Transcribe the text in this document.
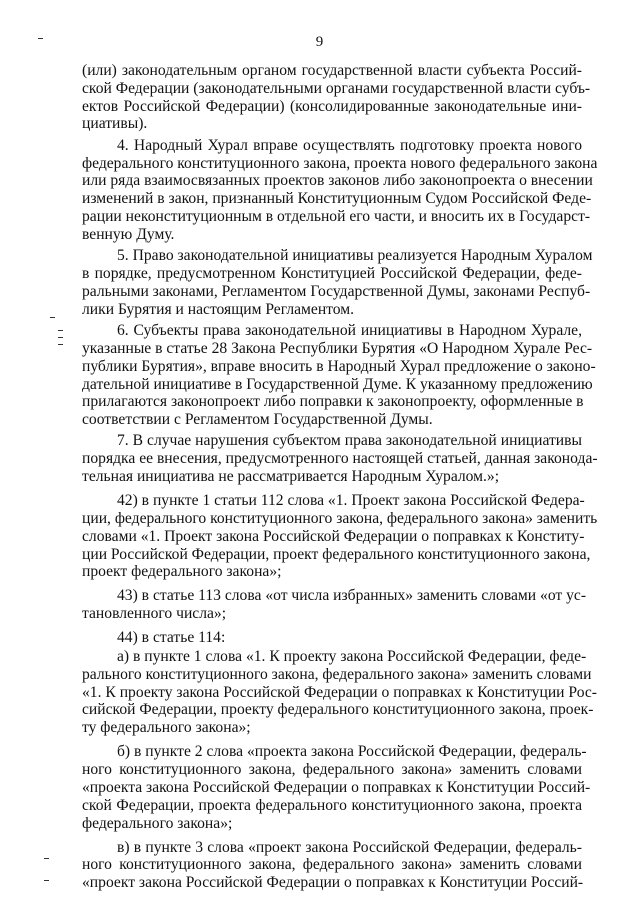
9
(или) законодательным органом государственной власти субъекта Россий-
ской Федерации (законодательными органами государственной власти субъ-
ектов Российской Федерации) (консолидированные законодательные ини-
циативы).
4. Народный Хурал вправе осуществлять подготовку проекта нового
федерального конституционного закона, проекта нового федерального закона
или ряда взаимосвязанных проектов законов либо законопроекта о внесении
изменений в закон, признанный Конституционным Судом Российской Феде-
рации неконституционным в отдельной его части, и вносить их в Государст-
венную Думу.
5. Право законодательной инициативы реализуется Народным Хуралом
в порядке, предусмотренном Конституцией Российской Федерации, феде-
ральными законами, Регламентом Государственной Думы, законами Респуб-
лики Бурятия и настоящим Регламентом.
6. Субъекты права законодательной инициативы в Народном Хурале,
указанные в статье 28 Закона Республики Бурятия «О Народном Хурале Рес-
публики Бурятия», вправе вносить в Народный Хурал предложение о законо-
дательной инициативе в Государственной Думе. К указанному предложению
прилагаются законопроект либо поправки к законопроекту, оформленные в
соответствии с Регламентом Государственной Думы.
7. В случае нарушения субъектом права законодательной инициативы
порядка ее внесения, предусмотренного настоящей статьей, данная законода-
тельная инициатива не рассматривается Народным Хуралом.»;
42) в пункте 1 статьи 112 слова «1. Проект закона Российской Федера-
ции, федерального конституционного закона, федерального закона» заменить
словами «1. Проект закона Российской Федерации о поправках к Конститу-
ции Российской Федерации, проект федерального конституционного закона,
проект федерального закона»;
43) в статье 113 слова «от числа избранных» заменить словами «от ус-
тановленного числа»;
44) в статье 114:
а) в пункте 1 слова «1. К проекту закона Российской Федерации, феде-
рального конституционного закона, федерального закона» заменить словами
«1. К проекту закона Российской Федерации о поправках к Конституции Рос-
сийской Федерации, проекту федерального конституционного закона, проек-
ту федерального закона»;
б) в пункте 2 слова «проекта закона Российской Федерации, федераль-
ного конституционного закона, федерального закона» заменить словами
«проекта закона Российской Федерации о поправках к Конституции Россий-
ской Федерации, проекта федерального конституционного закона, проекта
федерального закона»;
в) в пункте 3 слова «проект закона Российской Федерации, федераль-
ного конституционного закона, федерального закона» заменить словами
«проект закона Российской Федерации о поправках к Конституции Россий-
